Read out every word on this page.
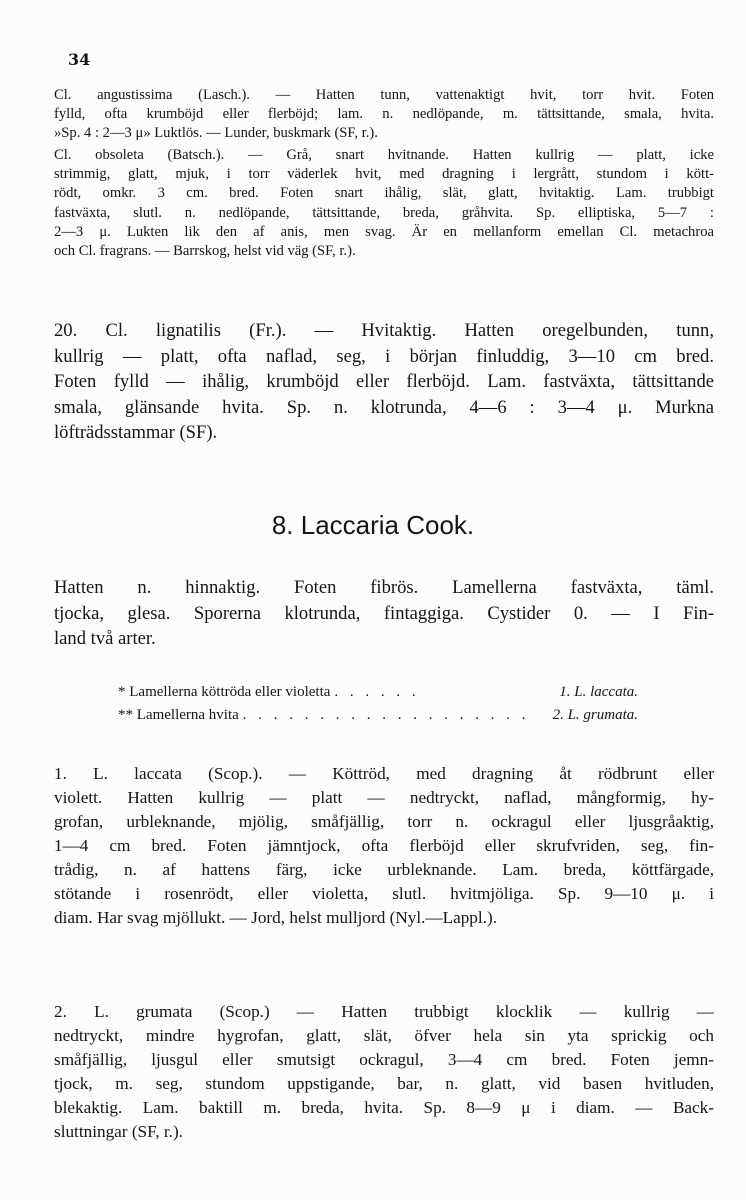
34
Cl. angustissima (Lasch.). — Hatten tunn, vattenaktigt hvit, torr hvit. Foten
fylld, ofta krumböjd eller flerböjd; lam. n. nedlöpande, m. tättsittande, smala, hvita.
»Sp. 4 : 2—3 μ» Luktlös. — Lunder, buskmark (SF, r.).
Cl. obsoleta (Batsch.). — Grå, snart hvitnande. Hatten kullrig — platt, icke
strimmig, glatt, mjuk, i torr väderlek hvit, med dragning i lergrått, stundom i kött-
rödt, omkr. 3 cm. bred. Foten snart ihålig, slät, glatt, hvitaktig. Lam. trubbigt
fastväxta, slutl. n. nedlöpande, tättsittande, breda, gråhvita. Sp. elliptiska, 5—7 :
2—3 μ. Lukten lik den af anis, men svag. Är en mellanform emellan Cl. metachroa
och Cl. fragrans. — Barrskog, helst vid väg (SF, r.).
20. Cl. lignatilis (Fr.). — Hvitaktig. Hatten oregelbunden, tunn,
kullrig — platt, ofta naflad, seg, i början finluddig, 3—10 cm bred.
Foten fylld — ihålig, krumböjd eller flerböjd. Lam. fastväxta, tättsittande
smala, glänsande hvita. Sp. n. klotrunda, 4—6 : 3—4 μ. Murkna
löfträdsstammar (SF).
8. Laccaria Cook.
Hatten n. hinnaktig. Foten fibrös. Lamellerna fastväxta, täml.
tjocka, glesa. Sporerna klotrunda, fintaggiga. Cystider 0. — I Fin-
land två arter.
* Lamellerna köttröda eller violetta . . . . . .	1. L. laccata.
** Lamellerna hvita . . . . . . . . . . . . . . . . . . .	2. L. grumata.
1. L. laccata (Scop.). — Köttröd, med dragning åt rödbrunt eller
violett. Hatten kullrig — platt — nedtryckt, naflad, mångformig, hy-
grofan, urbleknande, mjölig, småfjällig, torr n. ockragul eller ljusgråaktig,
1—4 cm bred. Foten jämntjock, ofta flerböjd eller skrufvriden, seg, fin-
trådig, n. af hattens färg, icke urbleknande. Lam. breda, köttfärgade,
stötande i rosenrödt, eller violetta, slutl. hvitmjöliga. Sp. 9—10 μ. i
diam. Har svag mjöllukt. — Jord, helst mulljord (Nyl.—Lappl.).
2. L. grumata (Scop.) — Hatten trubbigt klocklik — kullrig —
nedtryckt, mindre hygrofan, glatt, slät, öfver hela sin yta sprickig och
småfjällig, ljusgul eller smutsigt ockragul, 3—4 cm bred. Foten jemn-
tjock, m. seg, stundom uppstigande, bar, n. glatt, vid basen hvitluden,
blekaktig. Lam. baktill m. breda, hvita. Sp. 8—9 μ i diam. — Back-
sluttningar (SF, r.).
